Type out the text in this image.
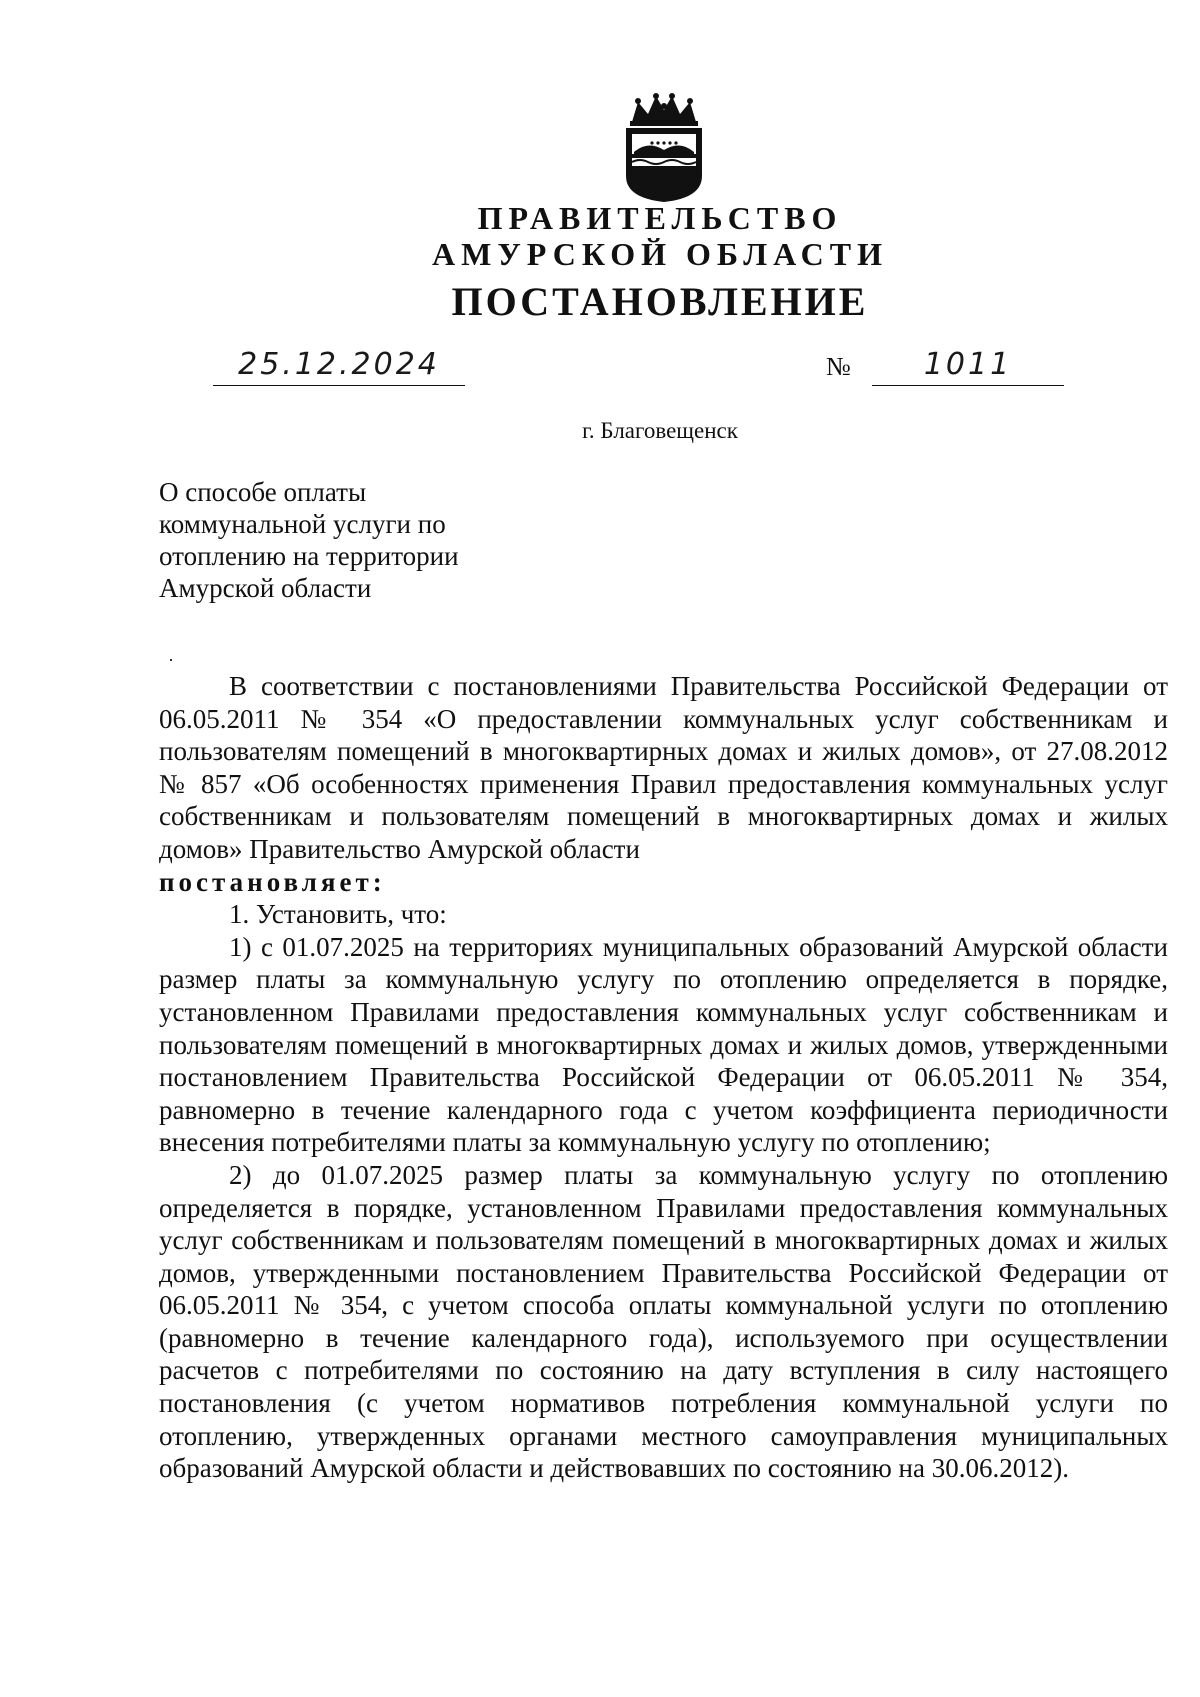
ПРАВИТЕЛЬСТВО
АМУРСКОЙ ОБЛАСТИ
ПОСТАНОВЛЕНИЕ
25.12.2024	№	1011
г. Благовещенск
О способе оплаты
коммунальной услуги по
отоплению на территории
Амурской области

В соответствии с постановлениями Правительства Российской Федерации от 06.05.2011 № 354 «О предоставлении коммунальных услуг собственникам и пользователям помещений в многоквартирных домах и жилых домов», от 27.08.2012 № 857 «Об особенностях применения Правил предоставления коммунальных услуг собственникам и пользователям помещений в многоквартирных домах и жилых домов» Правительство Амурской области

постановляет:

1. Установить, что:

1) с 01.07.2025 на территориях муниципальных образований Амурской области размер платы за коммунальную услугу по отоплению определяется в порядке, установленном Правилами предоставления коммунальных услуг собственникам и пользователям помещений в многоквартирных домах и жилых домов, утвержденными постановлением Правительства Российской Федерации от 06.05.2011 № 354, равномерно в течение календарного года с учетом коэффициента периодичности внесения потребителями платы за коммунальную услугу по отоплению;

2) до 01.07.2025 размер платы за коммунальную услугу по отоплению определяется в порядке, установленном Правилами предоставления коммунальных услуг собственникам и пользователям помещений в многоквартирных домах и жилых домов, утвержденными постановлением Правительства Российской Федерации от 06.05.2011 № 354, с учетом способа оплаты коммунальной услуги по отоплению (равномерно в течение календарного года), используемого при осуществлении расчетов с потребителями по состоянию на дату вступления в силу настоящего постановления (с учетом нормативов потребления коммунальной услуги по отоплению, утвержденных органами местного самоуправления муниципальных образований Амурской области и действовавших по состоянию на 30.06.2012).
